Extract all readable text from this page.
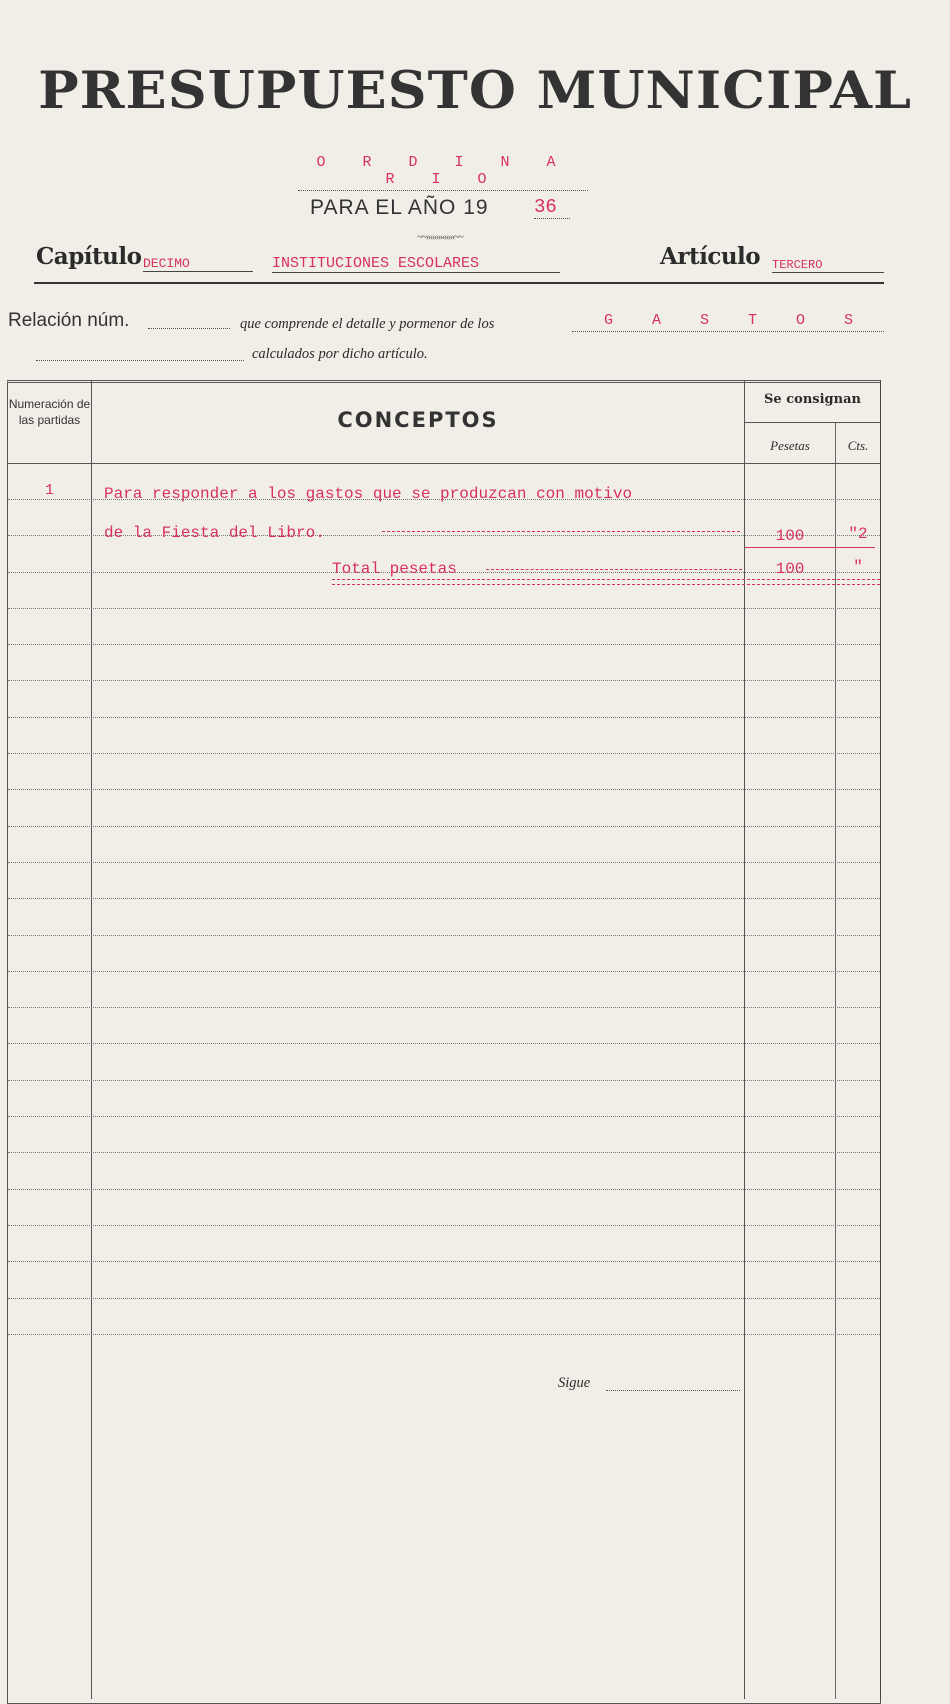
PRESUPUESTO MUNICIPAL
O R D I N A R I O
PARA EL AÑO 19 36
~~»»»»«««~~
Capítulo DECIMO	INSTITUCIONES ESCOLARES	Artículo TERCERO
Relación núm.	que comprende el detalle y pormenor de los	G A S T O S
calculados por dicho artículo.
Numeración de las partidas	CONCEPTOS
Se consignan
Pesetas	Cts.
1	Para responder a los gastos que se produzcan con motivo
de la Fiesta del Libro.	100	"2
Total pesetas	100	"
Sigue
